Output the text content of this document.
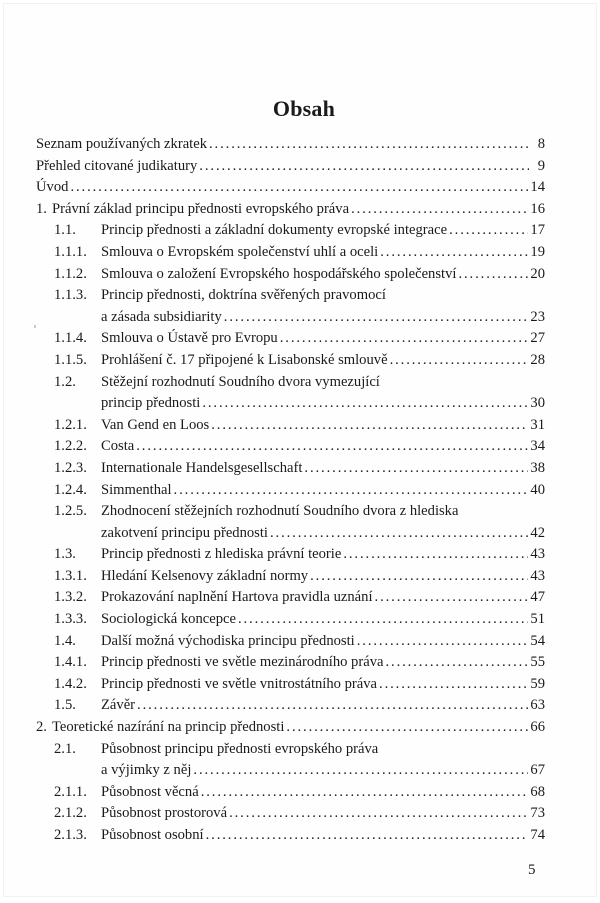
Obsah
Seznam používaných zkratek .....	8
Přehled citované judikatury .....	9
Úvod .....	14
1. Právní základ principu přednosti evropského práva .....	16
1.1.	Princip přednosti a základní dokumenty evropské integrace .....	17
1.1.1. Smlouva o Evropském společenství uhlí a oceli .....	19
1.1.2. Smlouva o založení Evropského hospodářského společenství .....	20
1.1.3. Princip přednosti, doktrína svěřených pravomocí
a zásada subsidiarity .....	23
1.1.4. Smlouva o Ústavě pro Evropu .....	27
1.1.5. Prohlášení č. 17 připojené k Lisabonské smlouvě .....	28
1.2.	Stěžejní rozhodnutí Soudního dvora vymezující
princip přednosti .....	30
1.2.1. Van Gend en Loos .....	31
1.2.2. Costa .....	34
1.2.3. Internationale Handelsgesellschaft .....	38
1.2.4. Simmenthal .....	40
1.2.5. Zhodnocení stěžejních rozhodnutí Soudního dvora z hlediska
zakotvení principu přednosti .....	42
1.3.	Princip přednosti z hlediska právní teorie .....	43
1.3.1. Hledání Kelsenovy základní normy .....	43
1.3.2. Prokazování naplnění Hartova pravidla uznání .....	47
1.3.3. Sociologická koncepce .....	51
1.4.	Další možná východiska principu přednosti .....	54
1.4.1. Princip přednosti ve světle mezinárodního práva .....	55
1.4.2. Princip přednosti ve světle vnitrostátního práva .....	59
1.5.	Závěr .....	63
2. Teoretické nazírání na princip přednosti .....	66
2.1.	Působnost principu přednosti evropského práva
a výjimky z něj .....	67
2.1.1. Působnost věcná .....	68
2.1.2. Působnost prostorová .....	73
2.1.3. Působnost osobní .....	74
5
